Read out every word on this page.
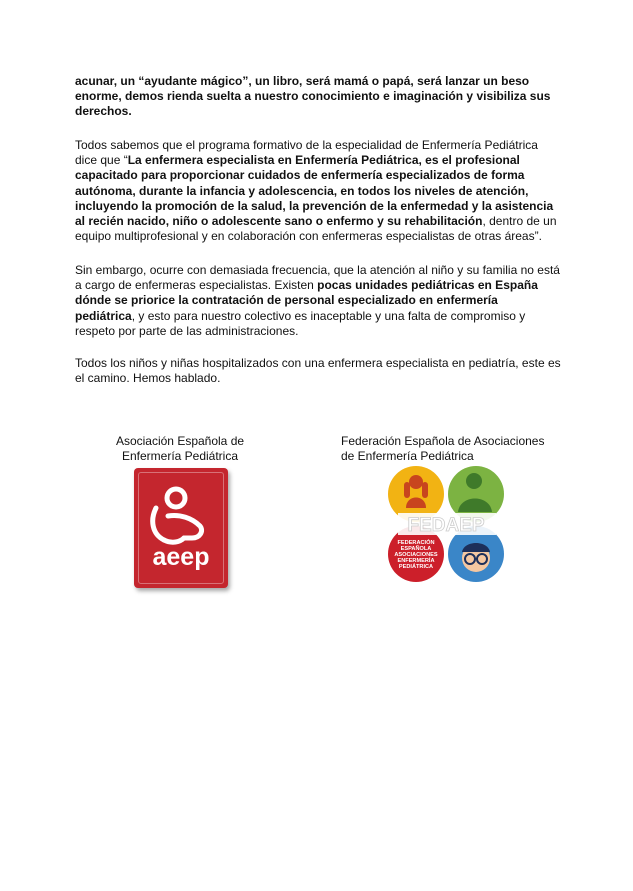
acunar, un “ayudante mágico”, un libro, será mamá o papá, será lanzar un beso enorme, demos rienda suelta a nuestro conocimiento e imaginación y visibiliza sus derechos.

Todos sabemos que el programa formativo de la especialidad de Enfermería Pediátrica dice que “La enfermera especialista en Enfermería Pediátrica, es el profesional capacitado para proporcionar cuidados de enfermería especializados de forma autónoma, durante la infancia y adolescencia, en todos los niveles de atención, incluyendo la promoción de la salud, la prevención de la enfermedad y la asistencia al recién nacido, niño o adolescente sano o enfermo y su rehabilitación, dentro de un equipo multiprofesional y en colaboración con enfermeras especialistas de otras áreas”.

Sin embargo, ocurre con demasiada frecuencia, que la atención al niño y su familia no está a cargo de enfermeras especialistas. Existen pocas unidades pediátricas en España dónde se priorice la contratación de personal especializado en enfermería pediátrica, y esto para nuestro colectivo es inaceptable y una falta de compromiso y respeto por parte de las administraciones.

Todos los niños y niñas hospitalizados con una enfermera especialista en pediatría, este es el camino. Hemos hablado.

Asociación Española de
Enfermería Pediátrica
aeep
Federación Española de Asociaciones
de Enfermería Pediátrica
FEDAEP
FEDERACIÓN
ESPAÑOLA
ASOCIACIONES
ENFERMERÍA
PEDIÁTRICA
